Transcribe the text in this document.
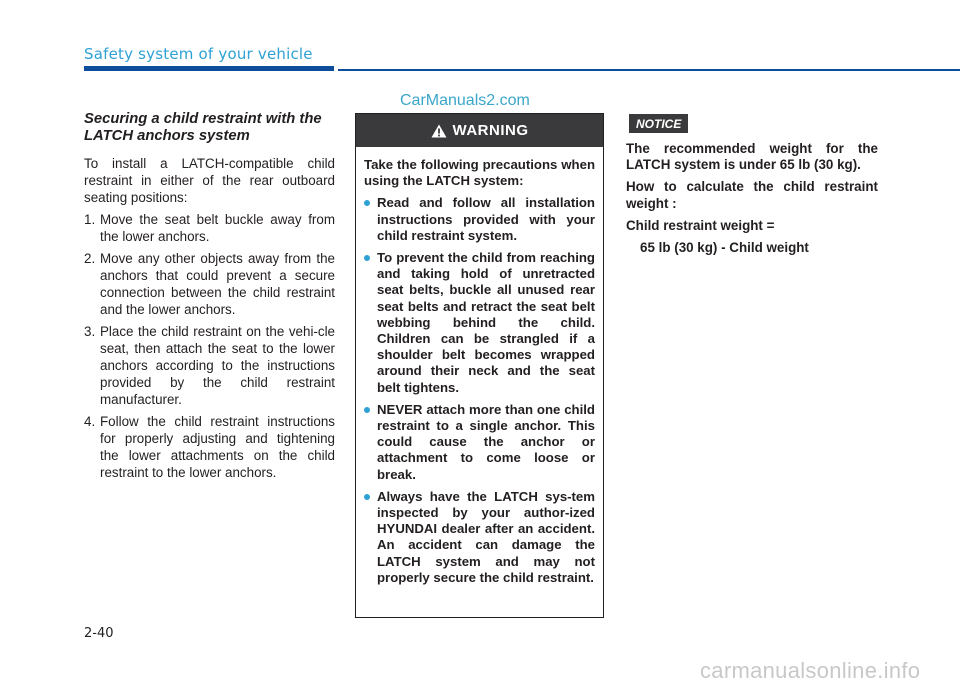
Safety system of your vehicle
CarManuals2.com

Securing a child restraint with the LATCH anchors system

To install a LATCH-compatible child restraint in either of the rear outboard seating positions:

1. Move the seat belt buckle away from the lower anchors.
2. Move any other objects away from the anchors that could prevent a secure connection between the child restraint and the lower anchors.
3. Place the child restraint on the vehi-cle seat, then attach the seat to the lower anchors according to the instructions provided by the child restraint manufacturer.
4. Follow the child restraint instructions for properly adjusting and tightening the lower attachments on the child restraint to the lower anchors.
WARNING

Take the following precautions when using the LATCH system:

Read and follow all installation instructions provided with your child restraint system.
To prevent the child from reaching and taking hold of unretracted seat belts, buckle all unused rear seat belts and retract the seat belt webbing behind the child. Children can be strangled if a shoulder belt becomes wrapped around their neck and the seat belt tightens.
NEVER attach more than one child restraint to a single anchor. This could cause the anchor or attachment to come loose or break.
Always have the LATCH sys-tem inspected by your author-ized HYUNDAI dealer after an accident. An accident can damage the LATCH system and may not properly secure the child restraint.
NOTICE

The recommended weight for the LATCH system is under 65 lb (30 kg).

How to calculate the child restraint weight :

Child restraint weight =

65 lb (30 kg) - Child weight

2-40
carmanualsonline.info
